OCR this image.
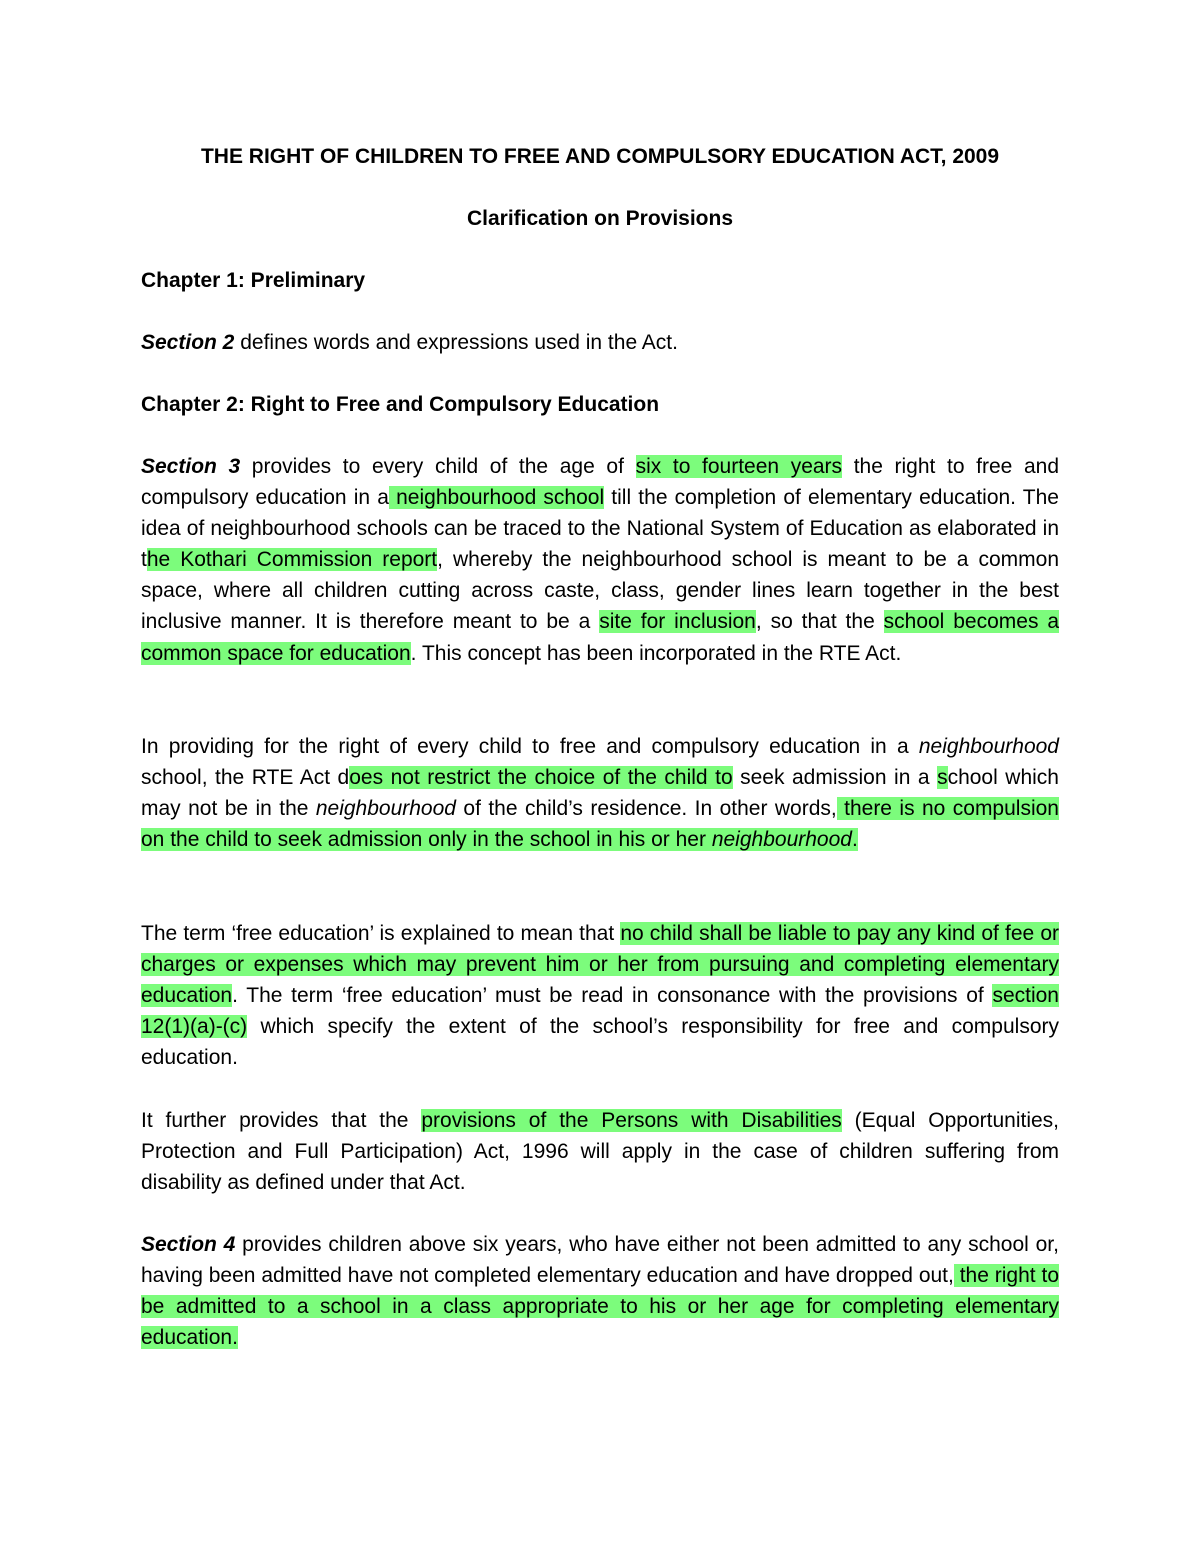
THE RIGHT OF CHILDREN TO FREE AND COMPULSORY EDUCATION ACT, 2009
Clarification on Provisions
Chapter 1: Preliminary
Section 2 defines words and expressions used in the Act.
Chapter 2: Right to Free and Compulsory Education
Section 3 provides to every child of the age of six to fourteen years the right to free and compulsory education in a neighbourhood school till the completion of elementary education. The idea of neighbourhood schools can be traced to the National System of Education as elaborated in the Kothari Commission report, whereby the neighbourhood school is meant to be a common space, where all children cutting across caste, class, gender lines learn together in the best inclusive manner. It is therefore meant to be a site for inclusion, so that the school becomes a common space for education. This concept has been incorporated in the RTE Act.
In providing for the right of every child to free and compulsory education in a neighbourhood school, the RTE Act does not restrict the choice of the child to seek admission in a school which may not be in the neighbourhood of the child’s residence. In other words, there is no compulsion on the child to seek admission only in the school in his or her neighbourhood.
The term ‘free education’ is explained to mean that no child shall be liable to pay any kind of fee or charges or expenses which may prevent him or her from pursuing and completing elementary education. The term ‘free education’ must be read in consonance with the provisions of section 12(1)(a)-(c) which specify the extent of the school’s responsibility for free and compulsory education.
It further provides that the provisions of the Persons with Disabilities (Equal Opportunities, Protection and Full Participation) Act, 1996 will apply in the case of children suffering from disability as defined under that Act.
Section 4 provides children above six years, who have either not been admitted to any school or, having been admitted have not completed elementary education and have dropped out, the right to be admitted to a school in a class appropriate to his or her age for completing elementary education.
